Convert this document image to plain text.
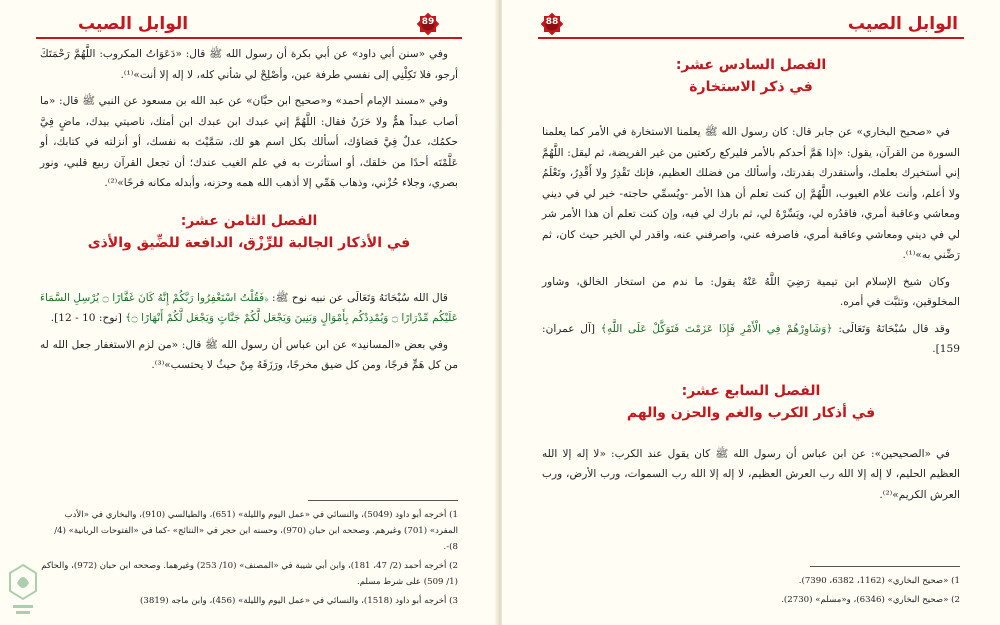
الوابل الصيب	89

وفي «سنن أبي داود» عن أبي بكرة أن رسول الله ﷺ قال: «دَعَوَاتُ المكروب: اللَّهُمَّ رَحْمَتَكَ أرجو، فلا تَكِلْنِي إلى نفسي طرفة عين، وأصْلِحْ لي شأني كله، لا إله إلا أنت»⁽¹⁾.

وفي «مسند الإمام أحمد» و«صحيح ابن حبَّان» عن عبد الله بن مسعود عن النبي ﷺ قال: «ما أصاب عبداً همٌّ ولا حَزَنٌ فقال: اللَّهُمَّ إني عبدك ابن عبدك ابن أمتك، ناصيتي بيدك، ماضٍ فِيَّ حكمُك، عدلٌ فِيَّ قضاؤك، أسألك بكل اسم هو لك، سَمَّيْتَ به نفسك، أو أنزلته في كتابك، أو عَلَّمْتَه أحدًا من خلقك، أو استأثرت به في علم الغيب عندك؛ أن تجعل القرآن ربيع قلبي، ونور بصري، وجلاء حُزْني، وذهاب هَمِّي إلا أذهب الله همه وحزنه، وأبدله مكانه فرحًا»⁽²⁾.

الفصل الثامن عشر:
في الأذكار الجالبة للرِّزْق، الدافعة للضِّيق والأذى

قال الله سُبْحَانَهُ وَتَعَالَى عن نبيه نوح ﷺ: ﴿فَقُلْتُ اسْتَغْفِرُوا رَبَّكُمْ إِنَّهُ كَانَ غَفَّارًا ۝ يُرْسِلِ السَّمَاءَ عَلَيْكُم مِّدْرَارًا ۝ وَيُمْدِدْكُم بِأَمْوَالٍ وَبَنِينَ وَيَجْعَل لَّكُمْ جَنَّاتٍ وَيَجْعَل لَّكُمْ أَنْهَارًا ۝﴾ [نوح: 10 - 12].

وفي بعض «المسانيد» عن ابن عباس أن رسول الله ﷺ قال: «من لزم الاستغفار جعل الله له من كل هَمٍّ فرجًا، ومن كل ضيق مخرجًا، ورَزَقَهُ مِنْ حيثُ لا يحتسب»⁽³⁾.

1) أخرجه أبو داود (5049)، والنسائي في «عمل اليوم والليلة» (651)، والطيالسي (910)، والبخاري في «الأدب المفرد» (701) وغيرهم. وصححه ابن حبان (970)، وحسنه ابن حجر في «النتائج» -كما في «الفتوحات الربانية» (4/ 8)-.

2) أخرجه أحمد (2/ 47، 181)، وابن أبي شيبة في «المصنف» (10/ 253) وغيرهما. وصححه ابن حبان (972)، والحاكم (1/ 509) على شرط مسلم.

3) أخرجه أبو داود (1518)، والنسائي في «عمل اليوم والليلة» (456)، وابن ماجه (3819)

الوابل الصيب
88
الفصل السادس عشر:
في ذكر الاستخارة

في «صحيح البخاري» عن جابر قال: كان رسول الله ﷺ يعلمنا الاستخارة في الأمر كما يعلمنا السورة من القرآن، يقول: «إذا هَمَّ أحدكم بالأمر فليركع ركعتين من غير الفريضة، ثم ليقل: اللَّهُمَّ إني أستخيرك بعلمك، وأستقدرك بقدرتك، وأسألك من فضلك العظيم، فإنك تَقْدِرُ ولا أَقْدِرُ، وتَعْلَمُ ولا أعلم، وأنت علام الغيوب، اللَّهُمَّ إن كنت تعلم أن هذا الأمر -ويُسمِّي حاجته- خير لي في ديني ومعاشي وعاقبة أمري، فاقدُره لي، ويَسِّرْهُ لي، ثم بارك لي فيه، وإن كنت تعلم أن هذا الأمر شر لي في ديني ومعاشي وعاقبة أمري، فاصرفه عني، واصرفني عنه، واقدر لي الخير حيث كان، ثم رَضِّني به»⁽¹⁾.

وكان شيخ الإسلام ابن تيمية رَضِيَ اللَّهُ عَنْهُ يقول: ما ندم من استخار الخالق، وشاور المخلوقين، وتثبَّت في أمره.

وقد قال سُبْحَانَهُ وَتَعَالَى: ﴿وَشَاوِرْهُمْ فِي الْأَمْرِ فَإِذَا عَزَمْتَ فَتَوَكَّلْ عَلَى اللَّهِ﴾ [آل عمران: 159].

الفصل السابع عشر:
في أذكار الكرب والغم والحزن والهم

في «الصحيحين»: عن ابن عباس أن رسول الله ﷺ كان يقول عند الكرب: «لا إله إلا الله العظيم الحليم، لا إله إلا الله رب العرش العظيم، لا إله إلا الله رب السموات، ورب الأرض، ورب العرش الكريم»⁽²⁾.

1) «صحيح البخاري» (1162، 6382، 7390).

2) «صحيح البخاري» (6346)، و«مسلم» (2730).
